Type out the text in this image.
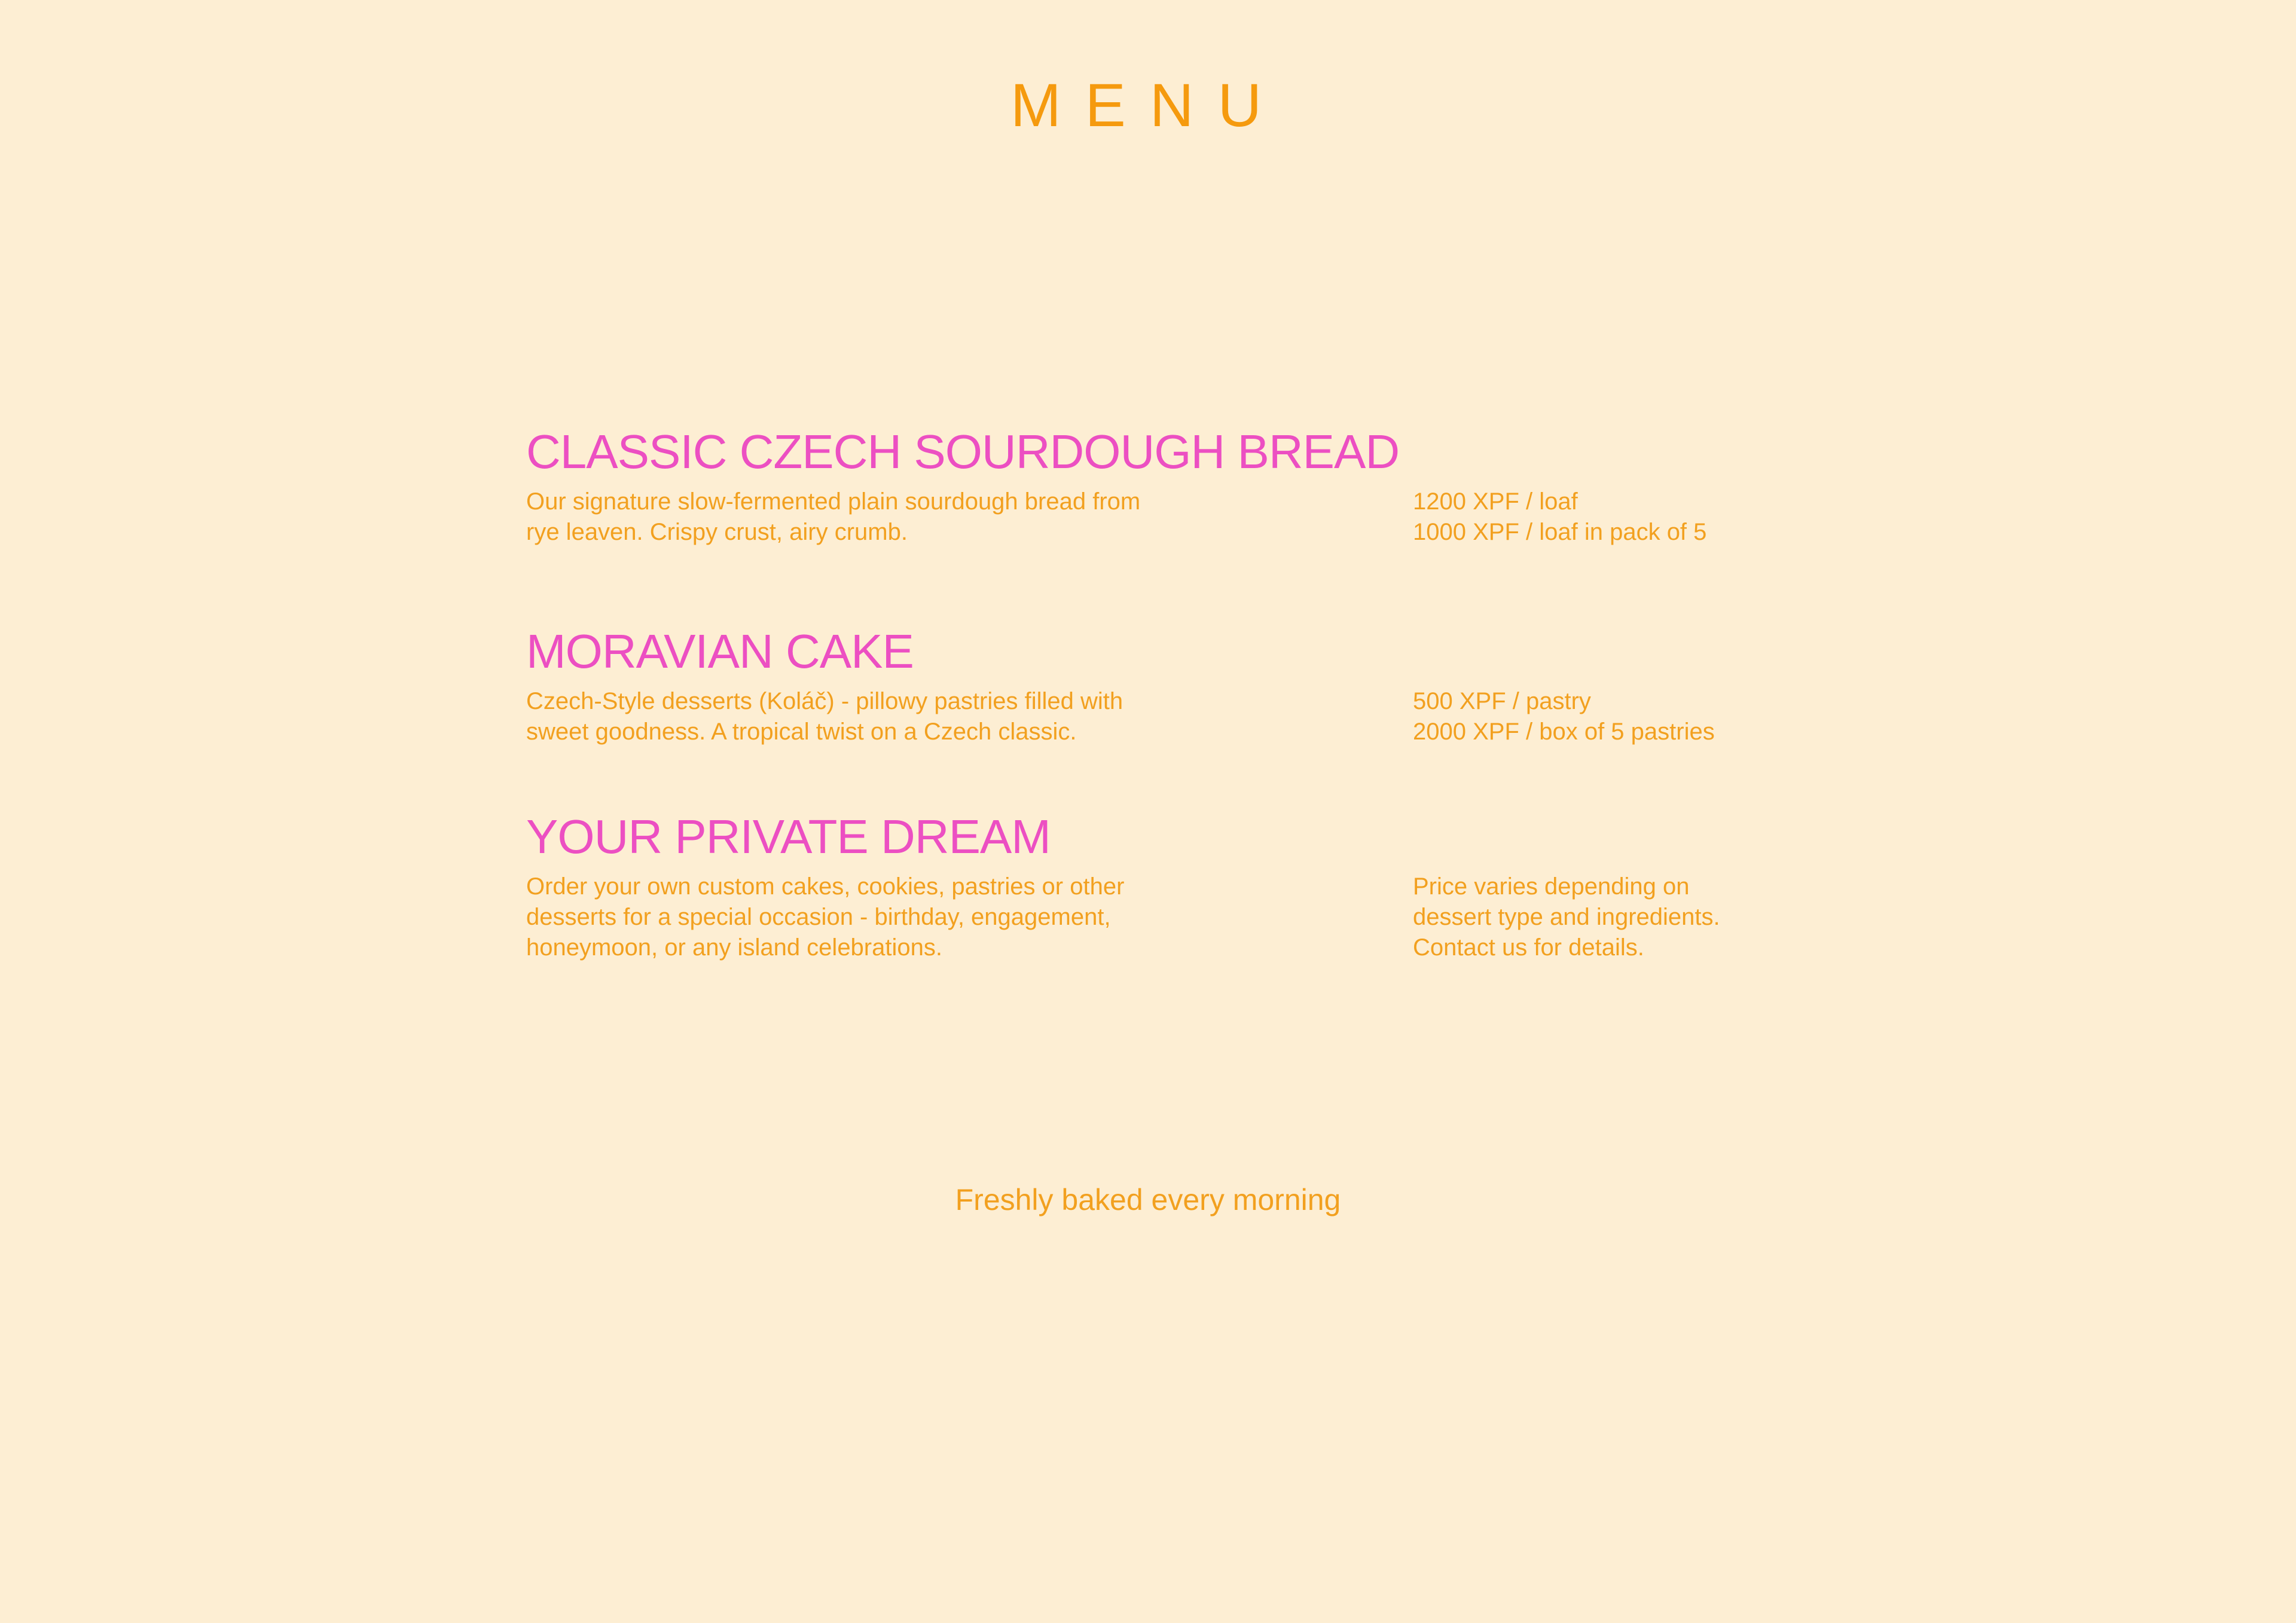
MENU
CLASSIC CZECH SOURDOUGH BREAD
Our signature slow-fermented plain sourdough bread from
rye leaven. Crispy crust, airy crumb.
1200 XPF / loaf
1000 XPF / loaf in pack of 5
MORAVIAN CAKE
Czech-Style desserts (Koláč) - pillowy pastries filled with
sweet goodness. A tropical twist on a Czech classic.
500 XPF / pastry
2000 XPF / box of 5 pastries
YOUR PRIVATE DREAM
Order your own custom cakes, cookies, pastries or other
desserts for a special occasion - birthday, engagement,
honeymoon, or any island celebrations.
Price varies depending on
dessert type and ingredients.
Contact us for details.
Freshly baked every morning
